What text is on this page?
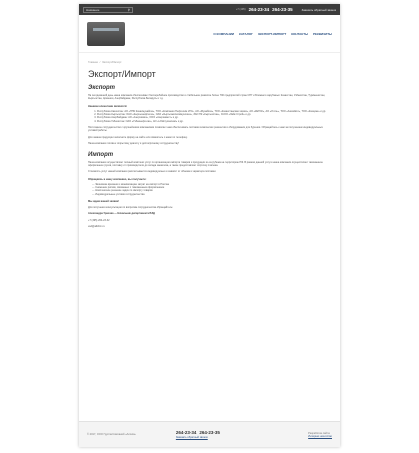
Название	⚲	+7 (495) 264-23-34 264-23-35	Заказать обратный звонок
О КОМПАНИИ КАТАЛОГ ЭКСПОРТ-ИМПОРТ КОНТАКТЫ РЕКВИЗИТЫ
Главная / Экспорт/Импорт
Экспорт/Импорт
Экспорт

На сегодняшний день наша компания обеспечивает бесперебойное производство и стабильное развитие более 790 предприятий стран СНГ и Ближнего зарубежья: Казахстан, Узбекистан, Туркменистан, Кыргызстан, Армения, Азербайджан, Республика Беларусь и т.д.

Нашими клиентами являются:

1. Республика Казахстан: АО «ПНК Казахмунайгаз», ТОО «Компания Нефтехим LTD», АО «Мунайгаз», ТОО «Казахстанская химия», АО «КЕГОК», АО «Уголь», ТОО «АзияАвто», ТОО «Казцинк» и др.
2. Республика Кыргызстан: ОАО «Кыргызнефтегаз», ОАО «Кыргызжилкоммунсоюз», ЗАО ПК «Кыргызстан», ОсОО «Лайк Строй» и др.
3. Республика Азербайджан: АО «Азерхимия», ООО «Азеринвест» и др.
4. Республика Узбекистан: ОАО «Узбекнефтегаз», АО «Uzkimyosanoat» и др.

Постоянное сотрудничество с крупнейшими компаниями позволяет нам обеспечивать поставки химических реагентов и оборудования для бурения. Обращайтесь к нам за получением индивидуальных условий работы.

Для заказа продукции заполните форму на сайте или свяжитесь с нами по телефону.

Наша компания готова к открытому диалогу и долгосрочному сотрудничеству!

Импорт

Наша компания осуществляет полный комплекс услуг по организации импорта товаров и продукции из-за рубежа на территорию РФ. В рамках данной услуги наша компания осуществляет таможенное оформление грузов, поставку от производителя до склада заказчика, а также предоставляет отсрочку платежа.

Стоимость услуг нашей компании рассчитывается индивидуально и зависит от объёма и характера поставки.

Обращаясь в нашу компанию, вы получаете:

— Экономию времени и минимизацию затрат на импорт в Россию
— Снижение рисков, связанных с таможенным оформлением
— Комплексное решение задач по импорту товаров
— Индивидуальные условия сотрудничества

Мы ждем вашей заявки!

Для получения консультации по вопросам сотрудничества обращайтесь:

Александра Уразова — Начальник департамента ВЭД

+7 (495) 264-23-32

ved@alkhim.ru

© 2017, ООО Группа Компаний «Алхим»	264-23-34 264-23-35
Заказать обратный звонок
Разработка сайта:
Интернет-агентство
